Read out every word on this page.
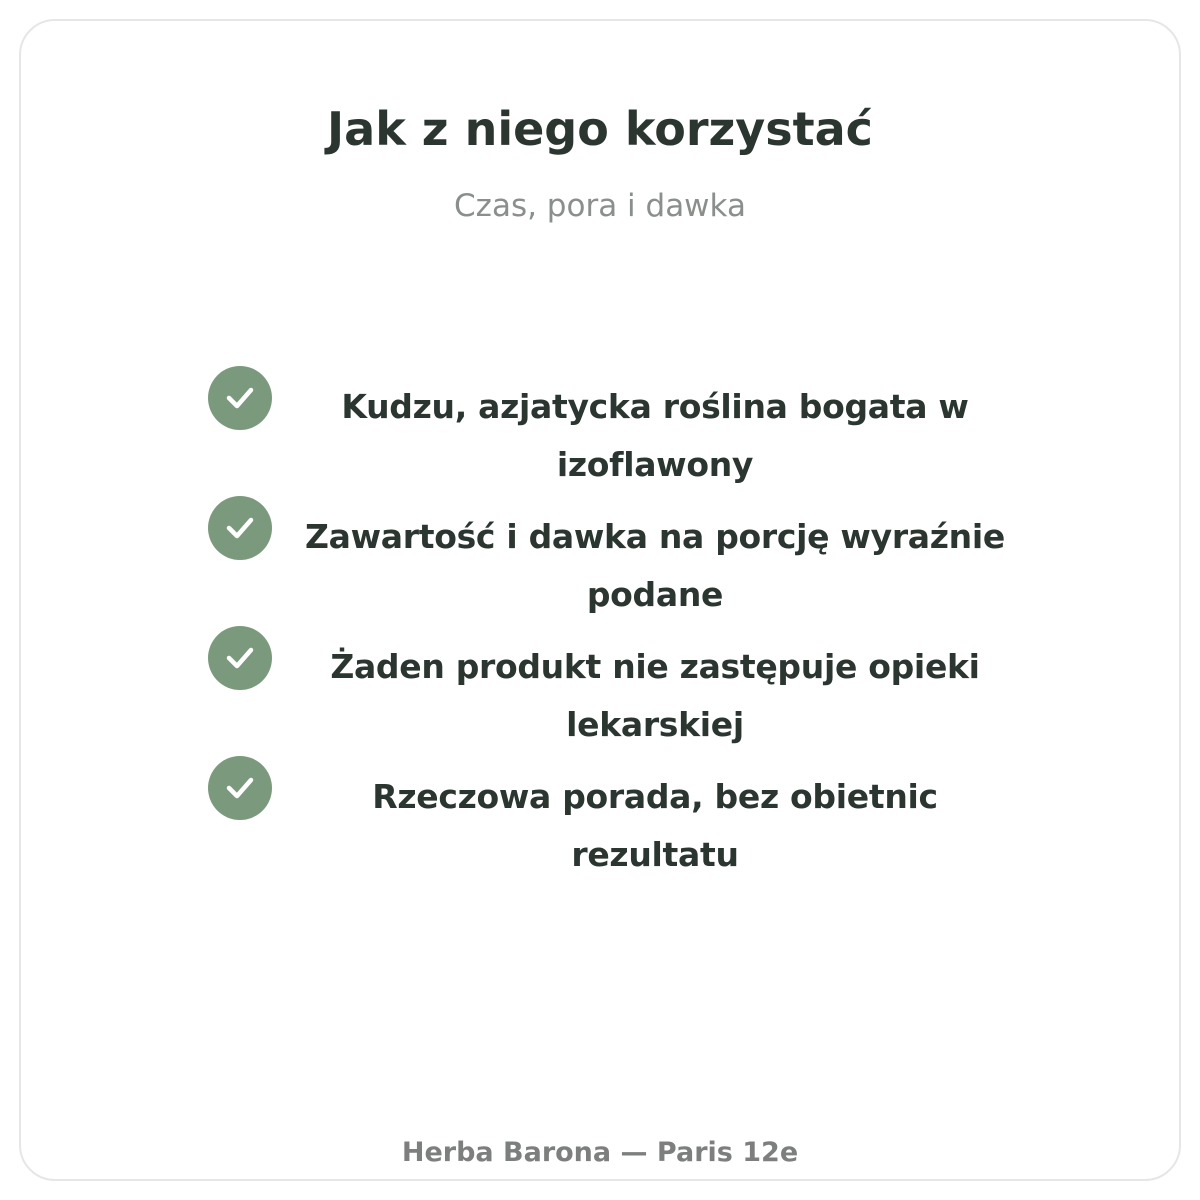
Jak z niego korzystać

Czas, pora i dawka

Kudzu, azjatycka roślina bogata w izoflawony
Zawartość i dawka na porcję wyraźnie podane
Żaden produkt nie zastępuje opieki lekarskiej
Rzeczowa porada, bez obietnic rezultatu

Herba Barona — Paris 12e
